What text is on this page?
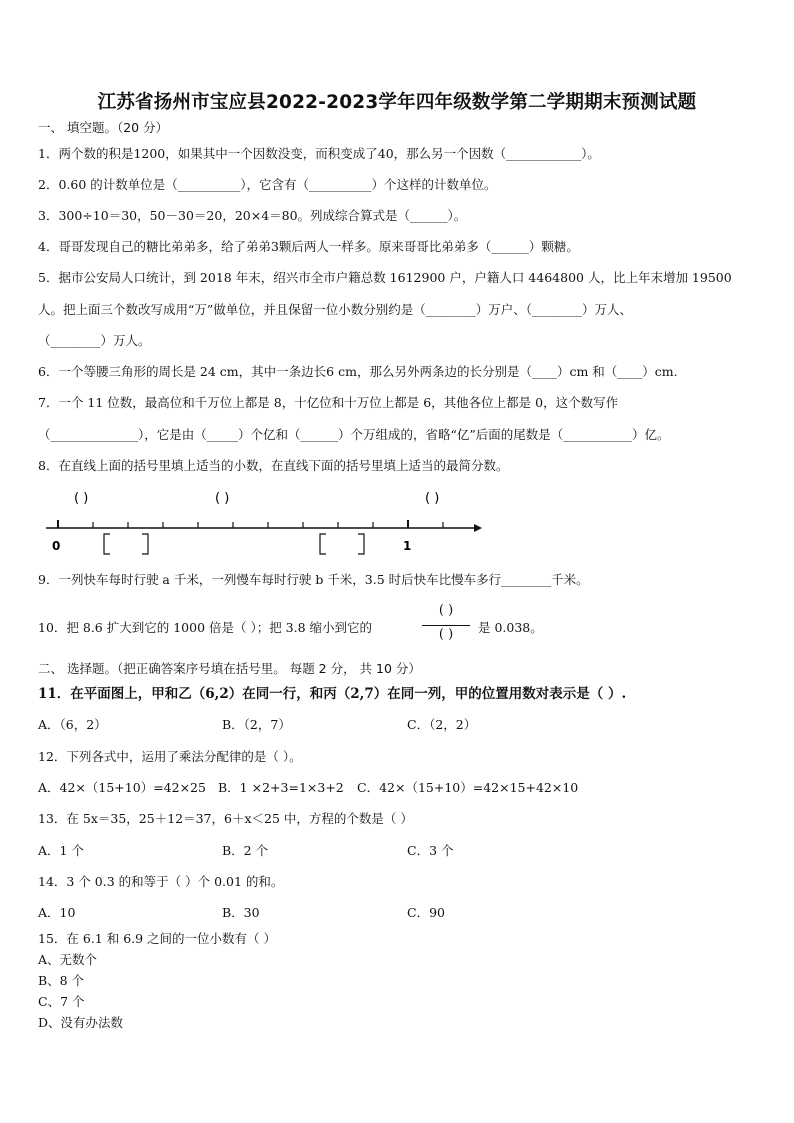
江苏省扬州市宝应县2022-2023学年四年级数学第二学期期末预测试题
一、 填空题。（20 分）
1．两个数的积是1200，如果其中一个因数没变，而积变成了40，那么另一个因数（____________）。
2．0.60 的计数单位是（__________），它含有（__________）个这样的计数单位。
3．300÷10＝30，50－30＝20，20×4＝80。列成综合算式是（______）。
4．哥哥发现自己的糖比弟弟多，给了弟弟3颗后两人一样多。原来哥哥比弟弟多（______）颗糖。
5．据市公安局人口统计，到 2018 年末，绍兴市全市户籍总数 1612900 户，户籍人口 4464800 人，比上年末增加 19500
人。把上面三个数改写成用“万”做单位，并且保留一位小数分别约是（________）万户、（________）万人、
（________）万人。
6．一个等腰三角形的周长是 24 cm，其中一条边长6 cm，那么另外两条边的长分别是（____）cm 和（____）cm.
7．一个 11 位数，最高位和千万位上都是 8，十亿位和十万位上都是 6，其他各位上都是 0，这个数写作
（______________），它是由（_____）个亿和（______）个万组成的，省略“亿”后面的尾数是（___________）亿。
8．在直线上面的括号里填上适当的小数，在直线下面的括号里填上适当的最简分数。
( )	( )	( )
0	1
9．一列快车每时行驶 a 千米，一列慢车每时行驶 b 千米，3.5 时后快车比慢车多行________千米。
10．把 8.6 扩大到它的 1000 倍是（ ）；把 3.8 缩小到它的
( )
( )	是 0.038。
二、 选择题。（把正确答案序号填在括号里。 每题 2 分， 共 10 分）
11．在平面图上，甲和乙（6,2）在同一行，和丙（2,7）在同一列，甲的位置用数对表示是（ ）.
A．（6，2）	B．（2，7）	C．（2，2）
12．下列各式中，运用了乘法分配律的是（ ）。
A．42×（15+10）=42×25 B．1 ×2+3=1×3+2 C．42×（15+10）=42×15+42×10
13．在 5x＝35，25＋12＝37，6＋x＜25 中，方程的个数是（ ）
A．1 个	B．2 个	C．3 个
14．3 个 0.3 的和等于（ ）个 0.01 的和。
A．10	B．30	C．90
15．在 6.1 和 6.9 之间的一位小数有（ ）
A、无数个
B、8 个
C、7 个
D、没有办法数
